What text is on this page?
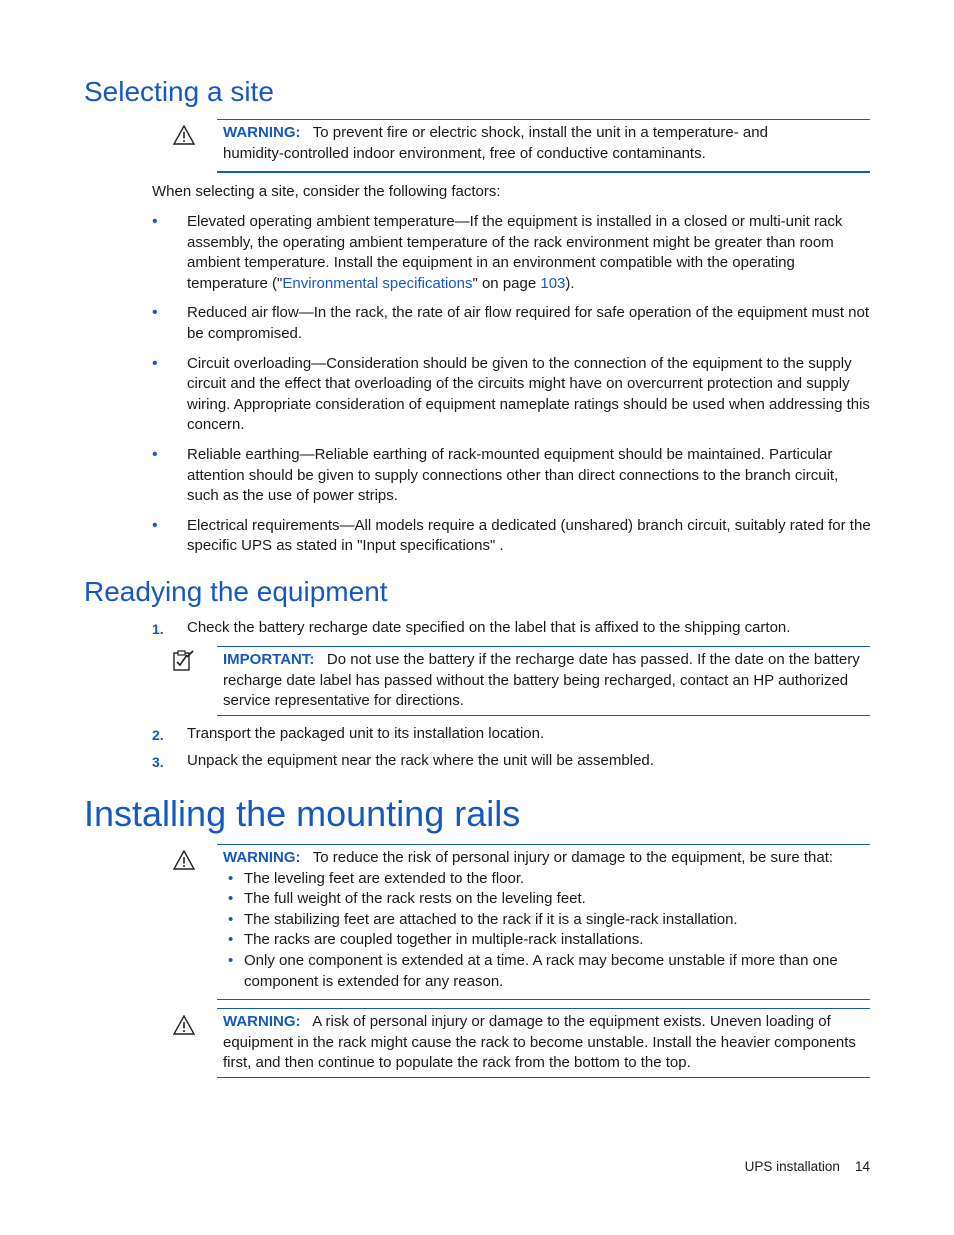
Selecting a site
WARNING: To prevent fire or electric shock, install the unit in a temperature- and
humidity-controlled indoor environment, free of conductive contaminants.

When selecting a site, consider the following factors:

• Elevated operating ambient temperature—If the equipment is installed in a closed or multi-unit rack assembly, the operating ambient temperature of the rack environment might be greater than room ambient temperature. Install the equipment in an environment compatible with the operating temperature ("Environmental specifications" on page 103).
• Reduced air flow—In the rack, the rate of air flow required for safe operation of the equipment must not be compromised.
• Circuit overloading—Consideration should be given to the connection of the equipment to the supply circuit and the effect that overloading of the circuits might have on overcurrent protection and supply wiring. Appropriate consideration of equipment nameplate ratings should be used when addressing this concern.
• Reliable earthing—Reliable earthing of rack-mounted equipment should be maintained. Particular attention should be given to supply connections other than direct connections to the branch circuit, such as the use of power strips.
• Electrical requirements—All models require a dedicated (unshared) branch circuit, suitably rated for the specific UPS as stated in "Input specifications" .
Readying the equipment
1. Check the battery recharge date specified on the label that is affixed to the shipping carton.

IMPORTANT: Do not use the battery if the recharge date has passed. If the date on the battery recharge date label has passed without the battery being recharged, contact an HP authorized service representative for directions.
2. Transport the packaged unit to its installation location.

3. Unpack the equipment near the rack where the unit will be assembled.

Installing the mounting rails
WARNING: To reduce the risk of personal injury or damage to the equipment, be sure that:
• The leveling feet are extended to the floor.
• The full weight of the rack rests on the leveling feet.
• The stabilizing feet are attached to the rack if it is a single-rack installation.
• The racks are coupled together in multiple-rack installations.
• Only one component is extended at a time. A rack may become unstable if more than one component is extended for any reason.
WARNING: A risk of personal injury or damage to the equipment exists. Uneven loading of equipment in the rack might cause the rack to become unstable. Install the heavier components first, and then continue to populate the rack from the bottom to the top.
UPS installation 14
